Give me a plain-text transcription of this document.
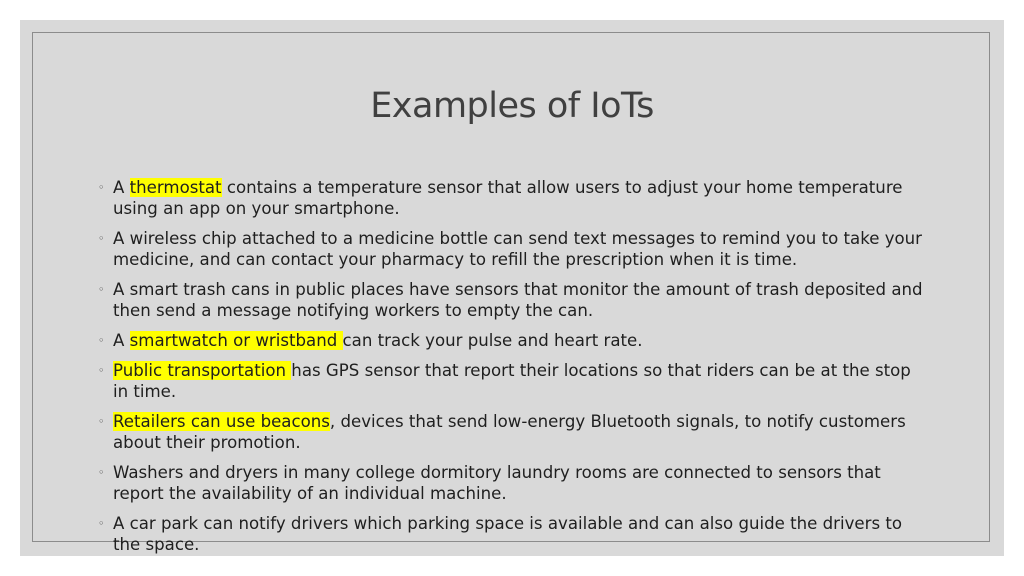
Examples of IoTs
◦ A thermostat contains a temperature sensor that allow users to adjust your home temperature using an app on your smartphone.
◦ A wireless chip attached to a medicine bottle can send text messages to remind you to take your medicine, and can contact your pharmacy to refill the prescription when it is time.
◦ A smart trash cans in public places have sensors that monitor the amount of trash deposited and then send a message notifying workers to empty the can.
◦ A smartwatch or wristband can track your pulse and heart rate.
◦ Public transportation has GPS sensor that report their locations so that riders can be at the stop in time.
◦ Retailers can use beacons, devices that send low-energy Bluetooth signals, to notify customers about their promotion.
◦ Washers and dryers in many college dormitory laundry rooms are connected to sensors that report the availability of an individual machine.
◦ A car park can notify drivers which parking space is available and can also guide the drivers to the space.
